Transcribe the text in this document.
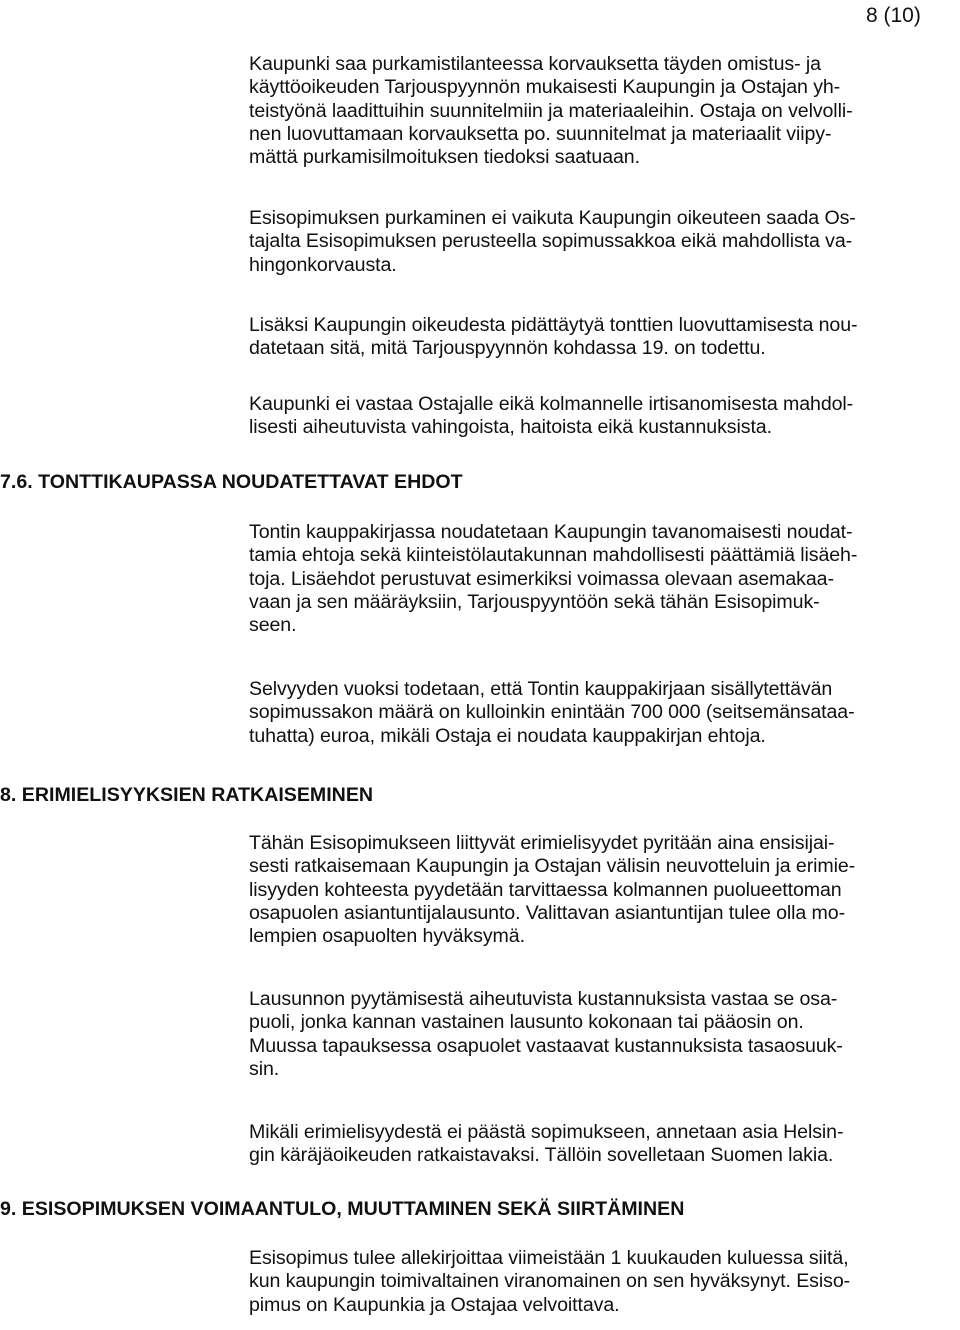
8 (10)

Kaupunki saa purkamistilanteessa korvauksetta täyden omistus- ja
käyttöoikeuden Tarjouspyynnön mukaisesti Kaupungin ja Ostajan yh-
teistyönä laadittuihin suunnitelmiin ja materiaaleihin. Ostaja on velvolli-
nen luovuttamaan korvauksetta po. suunnitelmat ja materiaalit viipy-
mättä purkamisilmoituksen tiedoksi saatuaan.

Esisopimuksen purkaminen ei vaikuta Kaupungin oikeuteen saada Os-
tajalta Esisopimuksen perusteella sopimussakkoa eikä mahdollista va-
hingonkorvausta.

Lisäksi Kaupungin oikeudesta pidättäytyä tonttien luovuttamisesta nou-
datetaan sitä, mitä Tarjouspyynnön kohdassa 19. on todettu.

Kaupunki ei vastaa Ostajalle eikä kolmannelle irtisanomisesta mahdol-
lisesti aiheutuvista vahingoista, haitoista eikä kustannuksista.

7.6. TONTTIKAUPASSA NOUDATETTAVAT EHDOT

Tontin kauppakirjassa noudatetaan Kaupungin tavanomaisesti noudat-
tamia ehtoja sekä kiinteistölautakunnan mahdollisesti päättämiä lisäeh-
toja. Lisäehdot perustuvat esimerkiksi voimassa olevaan asemakaa-
vaan ja sen määräyksiin, Tarjouspyyntöön sekä tähän Esisopimuk-
seen.

Selvyyden vuoksi todetaan, että Tontin kauppakirjaan sisällytettävän
sopimussakon määrä on kulloinkin enintään 700 000 (seitsemänsataa-
tuhatta) euroa, mikäli Ostaja ei noudata kauppakirjan ehtoja.

8. ERIMIELISYYKSIEN RATKAISEMINEN

Tähän Esisopimukseen liittyvät erimielisyydet pyritään aina ensisijai-
sesti ratkaisemaan Kaupungin ja Ostajan välisin neuvotteluin ja erimie-
lisyyden kohteesta pyydetään tarvittaessa kolmannen puolueettoman
osapuolen asiantuntijalausunto. Valittavan asiantuntijan tulee olla mo-
lempien osapuolten hyväksymä.

Lausunnon pyytämisestä aiheutuvista kustannuksista vastaa se osa-
puoli, jonka kannan vastainen lausunto kokonaan tai pääosin on.
Muussa tapauksessa osapuolet vastaavat kustannuksista tasaosuuk-
sin.

Mikäli erimielisyydestä ei päästä sopimukseen, annetaan asia Helsin-
gin käräjäoikeuden ratkaistavaksi. Tällöin sovelletaan Suomen lakia.

9. ESISOPIMUKSEN VOIMAANTULO, MUUTTAMINEN SEKÄ SIIRTÄMINEN

Esisopimus tulee allekirjoittaa viimeistään 1 kuukauden kuluessa siitä,
kun kaupungin toimivaltainen viranomainen on sen hyväksynyt. Esiso-
pimus on Kaupunkia ja Ostajaa velvoittava.
